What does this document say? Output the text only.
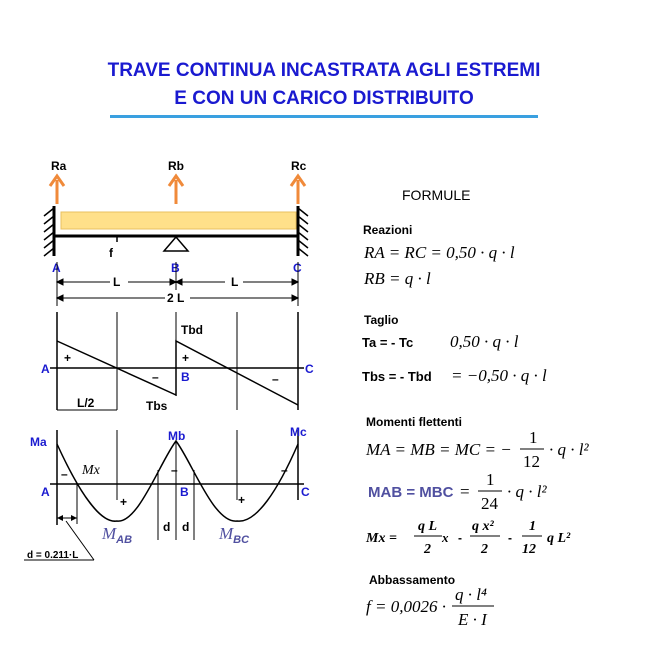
TRAVE CONTINUA INCASTRATA AGLI ESTREMI
E CON UN CARICO DISTRIBUITO
Ra	Rb	Rc
f
A	B	C
L	L
2 L
+	+
–	–
Tbd
Tbs
L/2
A
B
C
Ma	Mb	Mc
Mx
–	–	–
+	+
A	B	C
$M_{AB}$	$M_{BC}$
d d
d = 0.211·L
FORMULE
Reazioni
RA = RC = 0,50 · q · l
RB = q · l
Taglio
Ta = - Tc 0,50 · q · l
Tbs = - Tbd = −0,50 · q · l
Momenti flettenti
MA = MB = MC = −
1
12
· q · l²
MAB = MBC =
1
24
· q · l²
Mx =
q L
2
x -
q x²
2
-
1
12
q L²
Abbassamento
f = 0,0026 ·
q · l⁴
E · I
